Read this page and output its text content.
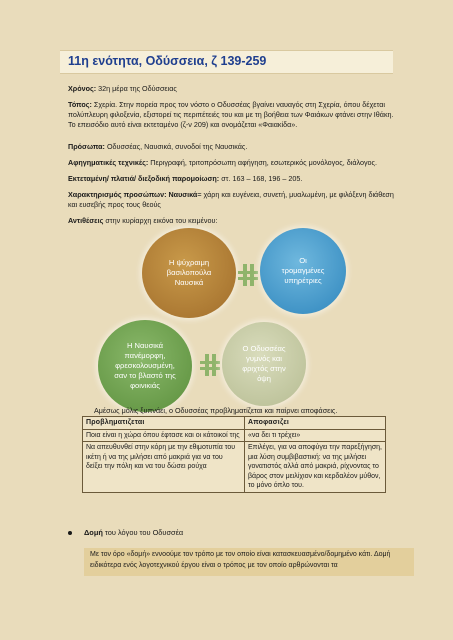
11η ενότητα, Οδύσσεια, ζ 139-259
Χρόνος: 32η μέρα της Οδύσσειας
Τόπος: Σχερία. Στην πορεία προς τον νόστο ο Οδυσσέας βγαίνει ναυαγός στη Σχερία, όπου δέχεται πολύπλευρη φιλοξενία, εξιστορεί τις περιπέτειές του και με τη βοήθεια των Φαιάκων φτάνει στην Ιθάκη. Το επεισόδιο αυτό είναι εκτεταμένο (ζ-ν 209) και ονομάζεται «Φαιακίδα».
Πρόσωπα: Οδυσσέας, Ναυσικά, συνοδοί της Ναυσικάς.
Αφηγηματικές τεχνικές: Περιγραφή, τριτοπρόσωπη αφήγηση, εσωτερικός μονόλογος, διάλογος.
Εκτεταμένη/ πλατιά/ διεξοδική παρομοίωση: στ. 163 – 168, 196 – 205.
Χαρακτηρισμός προσώπων: Ναυσικά= χάρη και ευγένεια, συνετή, μυαλωμένη, με φιλόξενη διάθεση και ευσεβής προς τους θεούς
Αντιθέσεις στην κυρίαρχη εικόνα του κειμένου:
Η ψύχραιμη
βασιλοπούλα
Ναυσικά
Οι
τρομαγμένες
υπηρέτριες
Η Ναυσικά
πανέμορφη,
φρεσκολουσμένη,
σαν το βλαστό της
φοινικιάς
Ο Οδυσσέας
γυμνός και
φριχτός στην
όψη
Αμέσως μόλις ξυπνάει, ο Οδυσσέας προβληματίζεται και παίρνει αποφάσεις.
Προβληματιζεται	Αποφασιζει
Ποια είναι η χώρα όπου έφτασε και οι κάτοικοί της	«να δει τι τρέχει»
Να απευθυνθεί στην κόρη με την εθιμοτυπία του ικέτη ή να της μιλήσει από μακριά για να του δείξει την πόλη και να του δώσει ρούχα	Επιλέγει, για να αποφύγει την παρεξήγηση, μια λύση συμβιβαστική: να της μιλήσει γονατιστός αλλά από μακριά, ρίχνοντας το βάρος στον μειλίχιον και κερδαλέον μύθον, το μόνο όπλο του.
Δομή του λόγου του Οδυσσέα
Με τον όρο «δομή» εννοούμε τον τρόπο με τον οποίο είναι κατασκευασμένο/δομημένο κάτι. Δομή ειδικότερα ενός λογοτεχνικού έργου είναι ο τρόπος με τον οποίο αρθρώνονται τα
